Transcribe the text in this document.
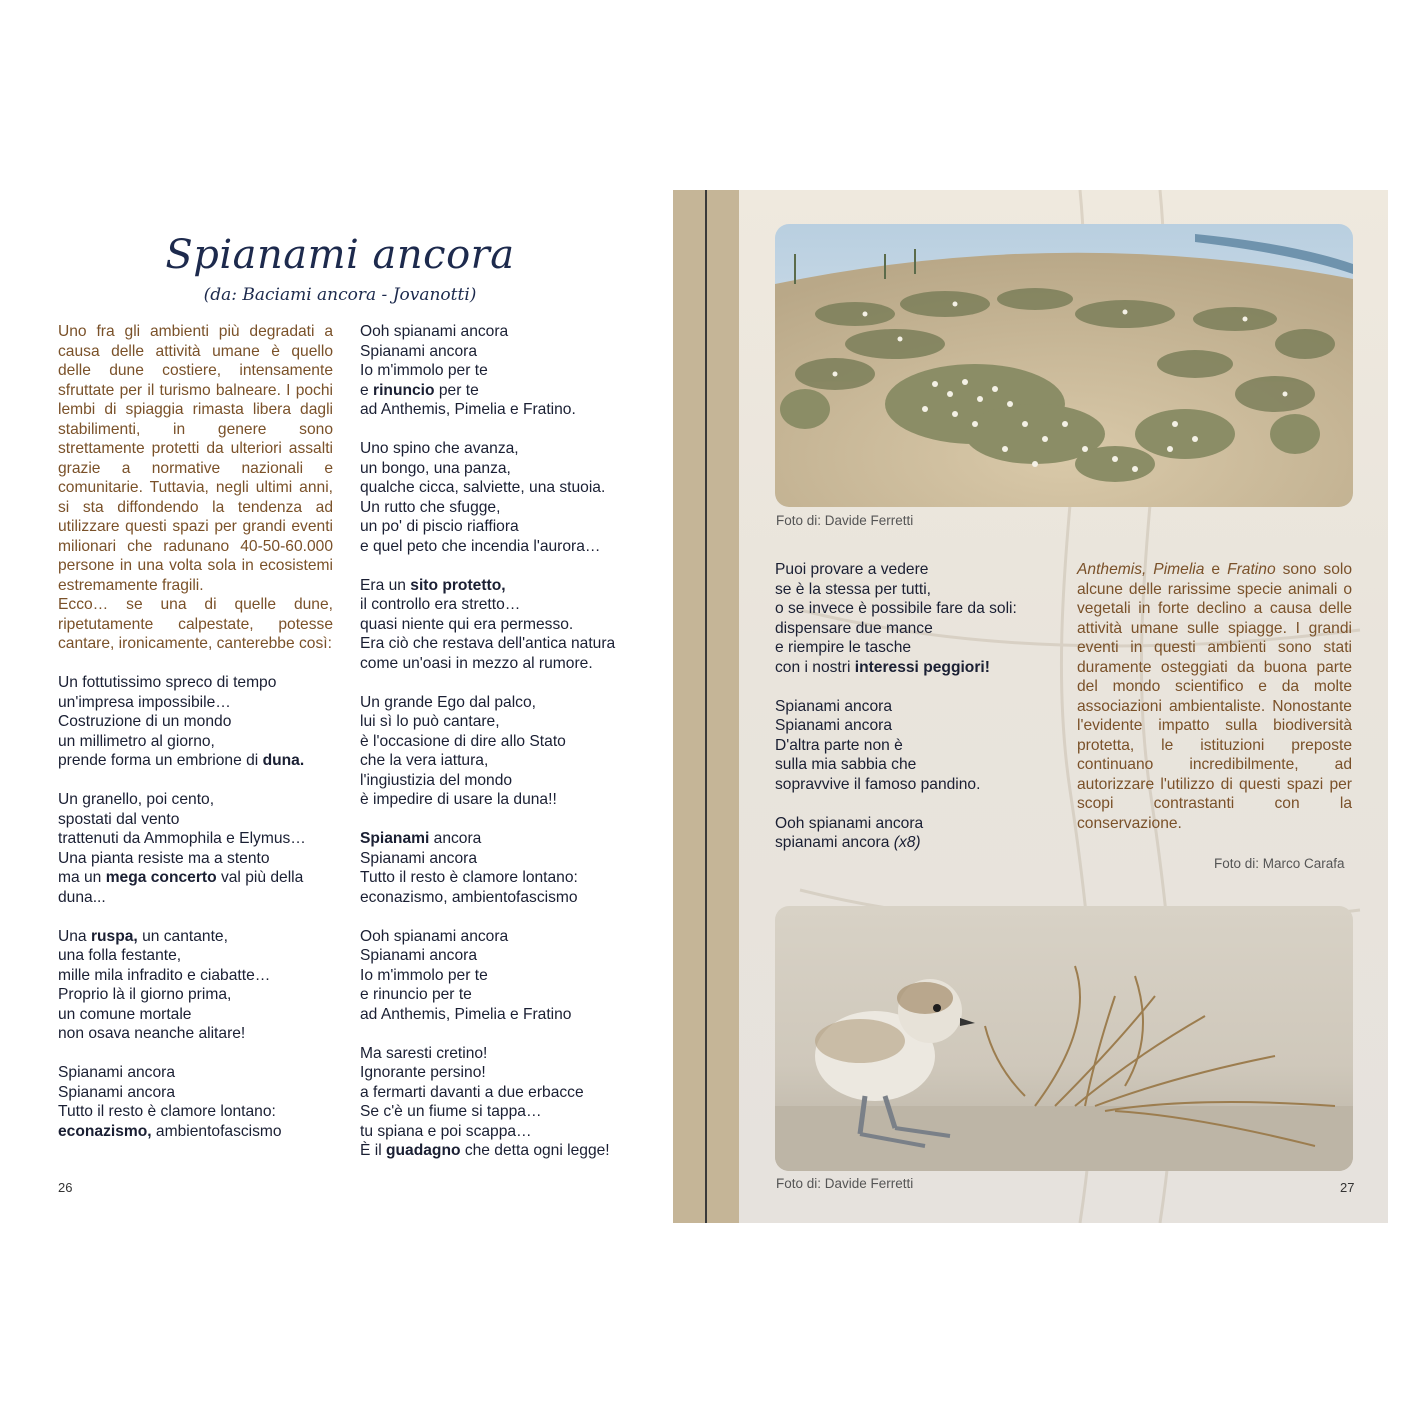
Spianami ancora
(da: Baciami ancora - Jovanotti)
Uno fra gli ambienti più degradati a causa delle attività umane è quello delle dune costiere, intensamente sfruttate per il turismo balneare. I pochi lembi di spiaggia rimasta libera dagli stabilimenti, in genere sono strettamente protetti da ulteriori assalti grazie a normative nazionali e comunitarie. Tuttavia, negli ultimi anni, si sta diffondendo la tendenza ad utilizzare questi spazi per grandi eventi milionari che radunano 40-50-60.000 persone in una volta sola in ecosistemi estremamente fragili.
Ecco… se una di quelle dune, ripetutamente calpestate, potesse cantare, ironicamente, canterebbe così:

Un fottutissimo spreco di tempo
un'impresa impossibile…
Costruzione di un mondo
un millimetro al giorno,
prende forma un embrione di duna.

Un granello, poi cento,
spostati dal vento
trattenuti da Ammophila e Elymus…
Una pianta resiste ma a stento
ma un mega concerto val più della duna...

Una ruspa, un cantante,
una folla festante,
mille mila infradito e ciabatte…
Proprio là il giorno prima,
un comune mortale
non osava neanche alitare!

Spianami ancora
Spianami ancora
Tutto il resto è clamore lontano:
econazismo, ambientofascismo

Ooh spianami ancora
Spianami ancora
Io m'immolo per te
e rinuncio per te
ad Anthemis, Pimelia e Fratino.

Uno spino che avanza,
un bongo, una panza,
qualche cicca, salviette, una stuoia.
Un rutto che sfugge,
un po' di piscio riaffiora
e quel peto che incendia l'aurora…

Era un sito protetto,
il controllo era stretto…
quasi niente qui era permesso.
Era ciò che restava dell'antica natura
come un'oasi in mezzo al rumore.

Un grande Ego dal palco,
lui sì lo può cantare,
è l'occasione di dire allo Stato
che la vera iattura,
l'ingiustizia del mondo
è impedire di usare la duna!!

Spianami ancora
Spianami ancora
Tutto il resto è clamore lontano:
econazismo, ambientofascismo

Ooh spianami ancora
Spianami ancora
Io m'immolo per te
e rinuncio per te
ad Anthemis, Pimelia e Fratino

Ma saresti cretino!
Ignorante persino!
a fermarti davanti a due erbacce
Se c'è un fiume si tappa…
tu spiana e poi scappa…
È il guadagno che detta ogni legge!

26
Foto di: Davide Ferretti

Puoi provare a vedere
se è la stessa per tutti,
o se invece è possibile fare da soli:
dispensare due mance
e riempire le tasche
con i nostri interessi peggiori!

Spianami ancora
Spianami ancora
D'altra parte non è
sulla mia sabbia che
sopravvive il famoso pandino.

Ooh spianami ancora
spianami ancora (x8)

Anthemis, Pimelia e Fratino sono solo alcune delle rarissime specie animali o vegetali in forte declino a causa delle attività umane sulle spiagge. I grandi eventi in questi ambienti sono stati duramente osteggiati da buona parte del mondo scientifico e da molte associazioni ambientaliste. Nonostante l'evidente impatto sulla biodiversità protetta, le istituzioni preposte continuano incredibilmente, ad autorizzare l'utilizzo di questi spazi per scopi contrastanti con la conservazione.
Foto di: Marco Carafa
Foto di: Davide Ferretti	27
